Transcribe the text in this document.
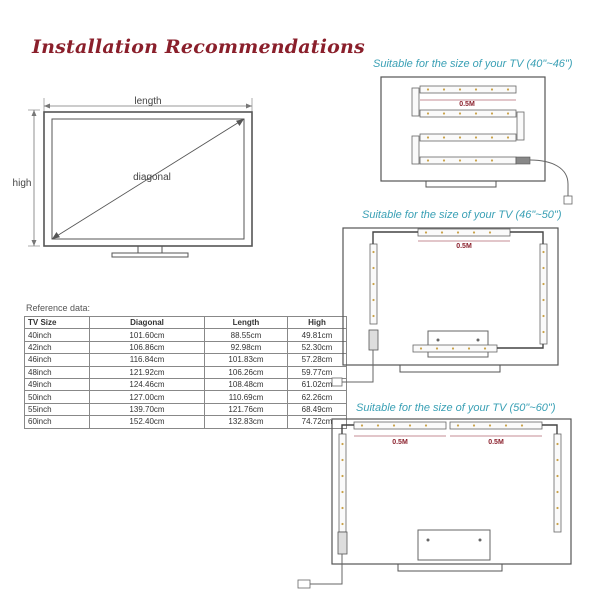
Installation Recommendations
length
high
diagonal
Reference data:
TV Size	Diagonal	Length	High
40inch	101.60cm	88.55cm	49.81cm
42inch	106.86cm	92.98cm	52.30cm
46inch	116.84cm	101.83cm	57.28cm
48inch	121.92cm	106.26cm	59.77cm
49inch	124.46cm	108.48cm	61.02cm
50inch	127.00cm	110.69cm	62.26cm
55inch	139.70cm	121.76cm	68.49cm
60inch	152.40cm	132.83cm	74.72cm
Suitable for the size of your TV (40"~46")
Suitable for the size of your TV (46"~50")
Suitable for the size of your TV (50"~60")
0.5M
0.5M
0.5M	0.5M
